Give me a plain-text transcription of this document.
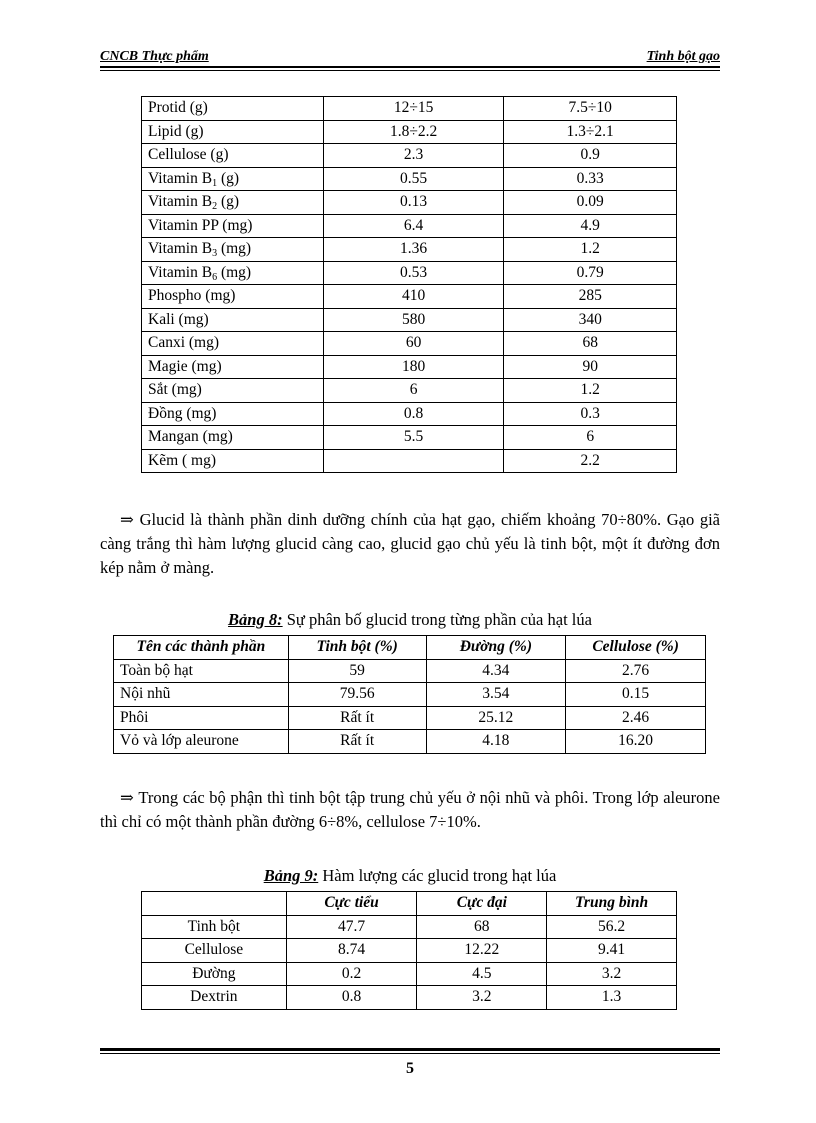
CNCB Thực phẩm	Tinh bột gạo
Protid (g)	12÷15	7.5÷10
Lipid (g)	1.8÷2.2	1.3÷2.1
Cellulose (g)	2.3	0.9
Vitamin $B_1$ (g)	0.55	0.33
Vitamin $B_2$ (g)	0.13	0.09
Vitamin PP (mg)	6.4	4.9
Vitamin $B_3$ (mg)	1.36	1.2
Vitamin $B_6$ (mg)	0.53	0.79
Phospho (mg)	410	285
Kali (mg)	580	340
Canxi (mg)	60	68
Magie (mg)	180	90
Sắt (mg)	6	1.2
Đồng (mg)	0.8	0.3
Mangan (mg)	5.5	6
Kẽm ( mg)		2.2
⇒ Glucid là thành phần dinh dưỡng chính của hạt gạo, chiếm khoảng 70÷80%. Gạo giã càng trắng thì hàm lượng glucid càng cao, glucid gạo chủ yếu là tinh bột, một ít đường đơn kép nằm ở màng.
Bảng 8: Sự phân bố glucid trong từng phần của hạt lúa
Tên các thành phần	Tinh bột (%)	Đường (%)	Cellulose (%)
Toàn bộ hạt	59	4.34	2.76
Nội nhũ	79.56	3.54	0.15
Phôi	Rất ít	25.12	2.46
Vỏ và lớp aleurone	Rất ít	4.18	16.20
⇒ Trong các bộ phận thì tinh bột tập trung chủ yếu ở nội nhũ và phôi. Trong lớp aleurone thì chỉ có một thành phần đường 6÷8%, cellulose 7÷10%.
Bảng 9: Hàm lượng các glucid trong hạt lúa
	Cực tiểu	Cực đại	Trung bình
Tinh bột	47.7	68	56.2
Cellulose	8.74	12.22	9.41
Đường	0.2	4.5	3.2
Dextrin	0.8	3.2	1.3
5
